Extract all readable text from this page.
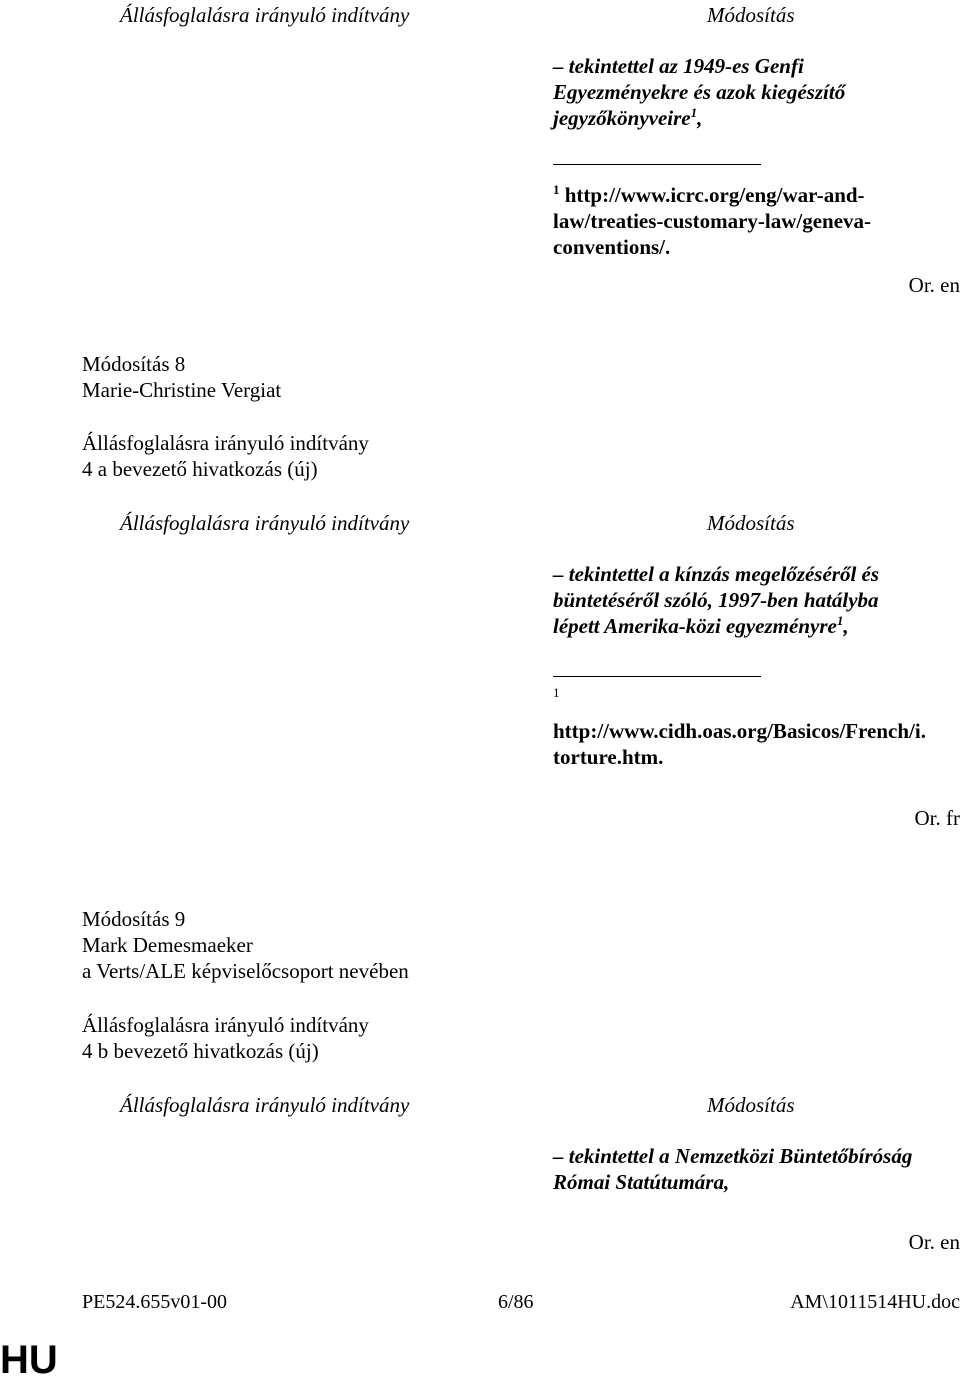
Állásfoglalásra irányuló indítvány	Módosítás
– tekintettel az 1949-es Genfi
Egyezményekre és azok kiegészítő
jegyzőkönyveire$^1$,
$^1$ http://www.icrc.org/eng/war-and-
law/treaties-customary-law/geneva-
conventions/.
Or. en
Módosítás 8
Marie-Christine Vergiat
Állásfoglalásra irányuló indítvány
4 a bevezető hivatkozás (új)
Állásfoglalásra irányuló indítvány	Módosítás
– tekintettel a kínzás megelőzéséről és
büntetéséről szóló, 1997-ben hatályba
lépett Amerika-közi egyezményre$^1$,
1
http://www.cidh.oas.org/Basicos/French/i.
torture.htm.
Or. fr
Módosítás 9
Mark Demesmaeker
a Verts/ALE képviselőcsoport nevében
Állásfoglalásra irányuló indítvány
4 b bevezető hivatkozás (új)
Állásfoglalásra irányuló indítvány	Módosítás
– tekintettel a Nemzetközi Büntetőbíróság
Római Statútumára,
Or. en
PE524.655v01-00	6/86	AM\1011514HU.doc
HU
